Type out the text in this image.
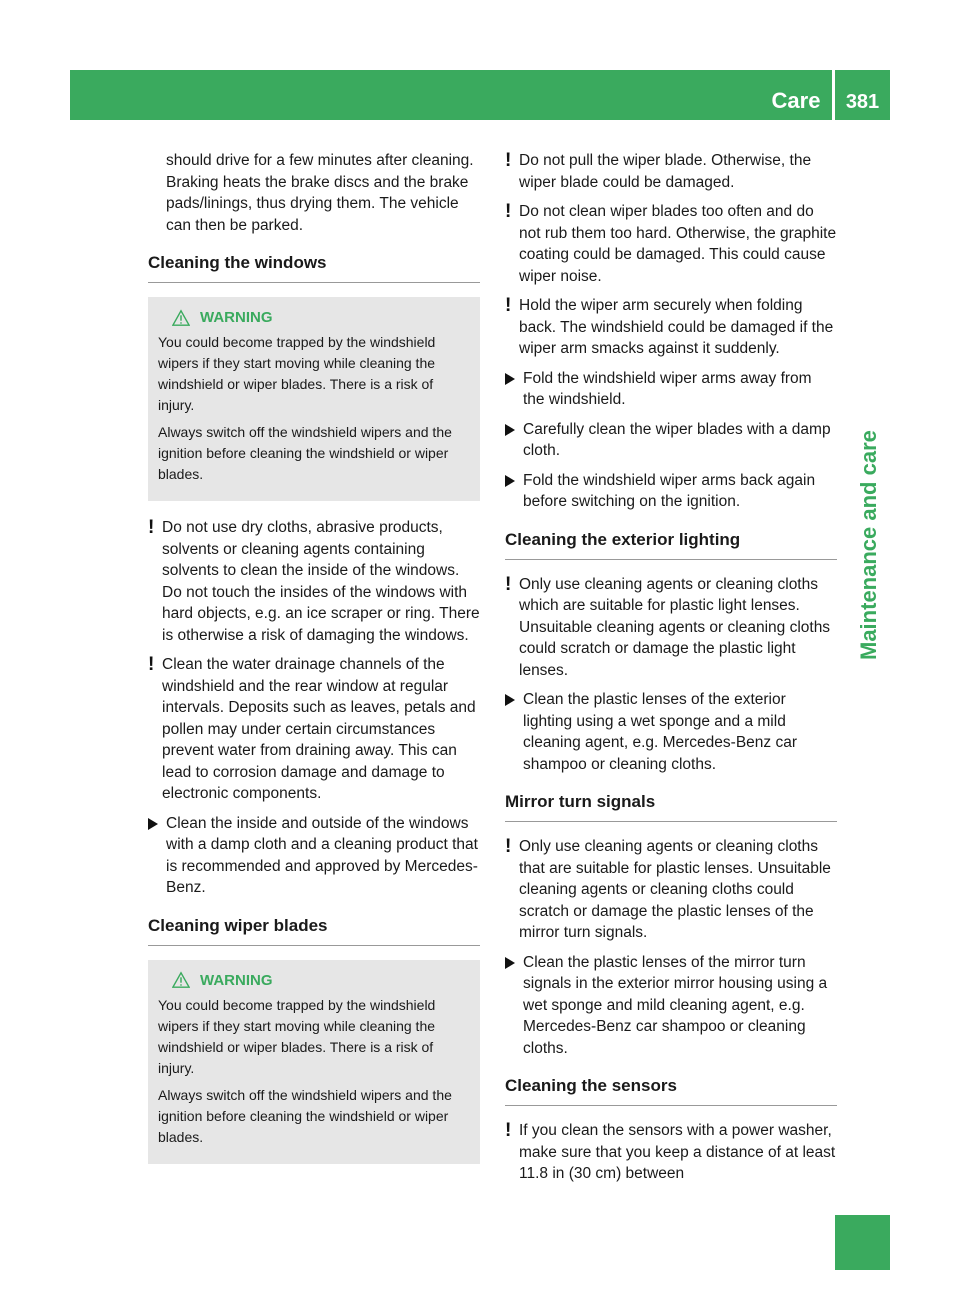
Care	381
Maintenance and care

should drive for a few minutes after cleaning. Braking heats the brake discs and the brake pads/linings, thus drying them. The vehicle can then be parked.

Cleaning the windows
WARNING

You could become trapped by the windshield wipers if they start moving while cleaning the windshield or wiper blades. There is a risk of injury.

Always switch off the windshield wipers and the ignition before cleaning the windshield or wiper blades.

! Do not use dry cloths, abrasive products, solvents or cleaning agents containing solvents to clean the inside of the windows. Do not touch the insides of the windows with hard objects, e.g. an ice scraper or ring. There is otherwise a risk of damaging the windows.
! Clean the water drainage channels of the windshield and the rear window at regular intervals. Deposits such as leaves, petals and pollen may under certain circumstances prevent water from draining away. This can lead to corrosion damage and damage to electronic components.
Clean the inside and outside of the windows with a damp cloth and a cleaning product that is recommended and approved by Mercedes-Benz.
Cleaning wiper blades
WARNING

You could become trapped by the windshield wipers if they start moving while cleaning the windshield or wiper blades. There is a risk of injury.

Always switch off the windshield wipers and the ignition before cleaning the windshield or wiper blades.

! Do not pull the wiper blade. Otherwise, the wiper blade could be damaged.
! Do not clean wiper blades too often and do not rub them too hard. Otherwise, the graphite coating could be damaged. This could cause wiper noise.
! Hold the wiper arm securely when folding back. The windshield could be damaged if the wiper arm smacks against it suddenly.
Fold the windshield wiper arms away from the windshield.
Carefully clean the wiper blades with a damp cloth.
Fold the windshield wiper arms back again before switching on the ignition.
Cleaning the exterior lighting
! Only use cleaning agents or cleaning cloths which are suitable for plastic light lenses. Unsuitable cleaning agents or cleaning cloths could scratch or damage the plastic light lenses.
Clean the plastic lenses of the exterior lighting using a wet sponge and a mild cleaning agent, e.g. Mercedes-Benz car shampoo or cleaning cloths.
Mirror turn signals
! Only use cleaning agents or cleaning cloths that are suitable for plastic lenses. Unsuitable cleaning agents or cleaning cloths could scratch or damage the plastic lenses of the mirror turn signals.
Clean the plastic lenses of the mirror turn signals in the exterior mirror housing using a wet sponge and mild cleaning agent, e.g. Mercedes-Benz car shampoo or cleaning cloths.
Cleaning the sensors
! If you clean the sensors with a power washer, make sure that you keep a distance of at least 11.8 in (30 cm) between
